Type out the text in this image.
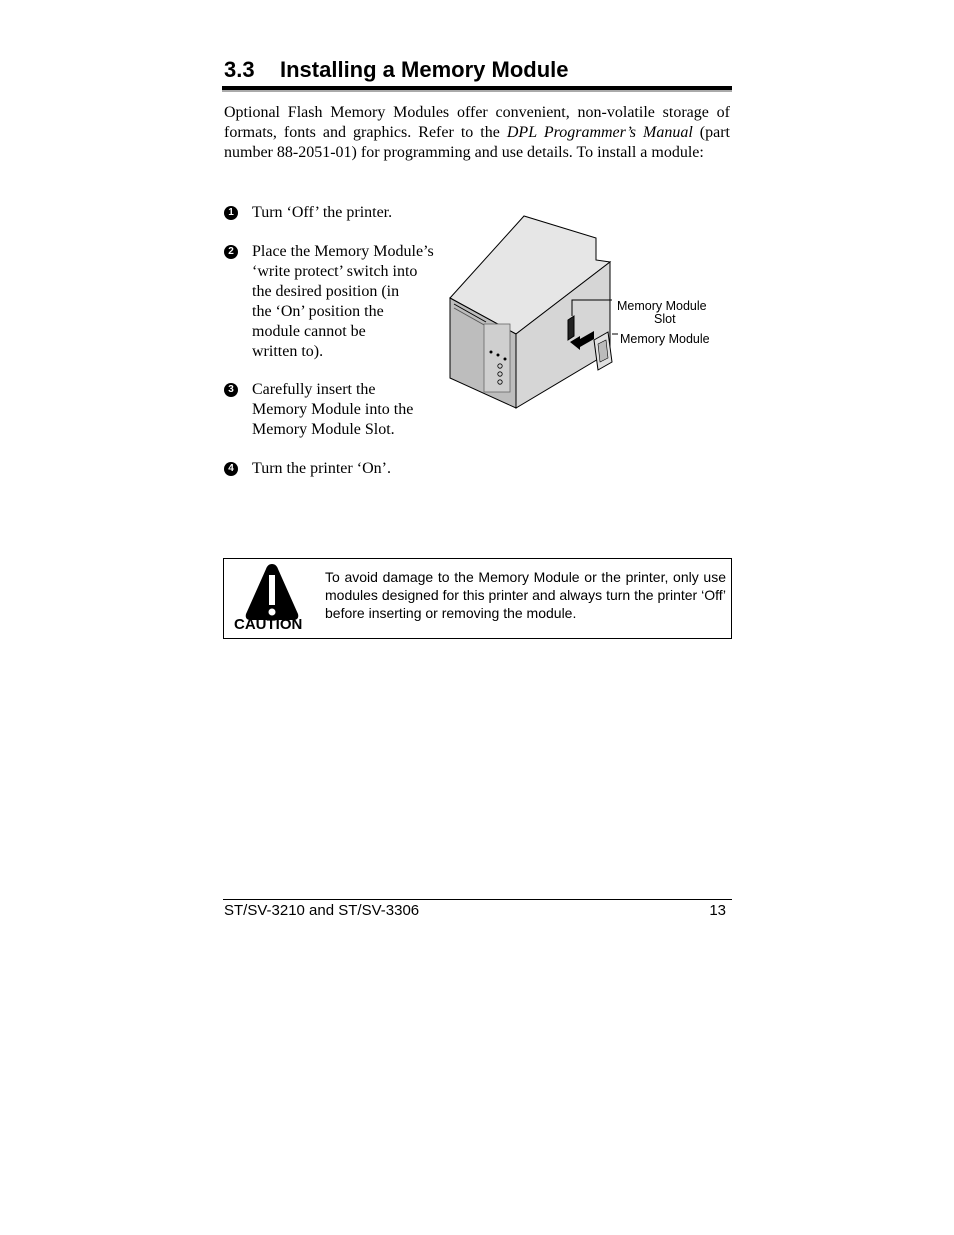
3.3 Installing a Memory Module

Optional Flash Memory Modules offer convenient, non-volatile storage of formats, fonts and graphics. Refer to the DPL Programmer’s Manual (part number 88-2051-01) for programming and use details. To install a module:

1 Turn ‘Off’ the printer.
2 Place the Memory Module’s
‘write protect’ switch into
the desired position (in
the ‘On’ position the
module cannot be
written to).
3 Carefully insert the
Memory Module into the
Memory Module Slot.
4 Turn the printer ‘On’.
Memory Module
Slot
Memory Module
CAUTION

To avoid damage to the Memory Module or the printer, only use modules designed for this printer and always turn the printer ‘Off’ before inserting or removing the module.

ST/SV-3210 and ST/SV-3306	13
